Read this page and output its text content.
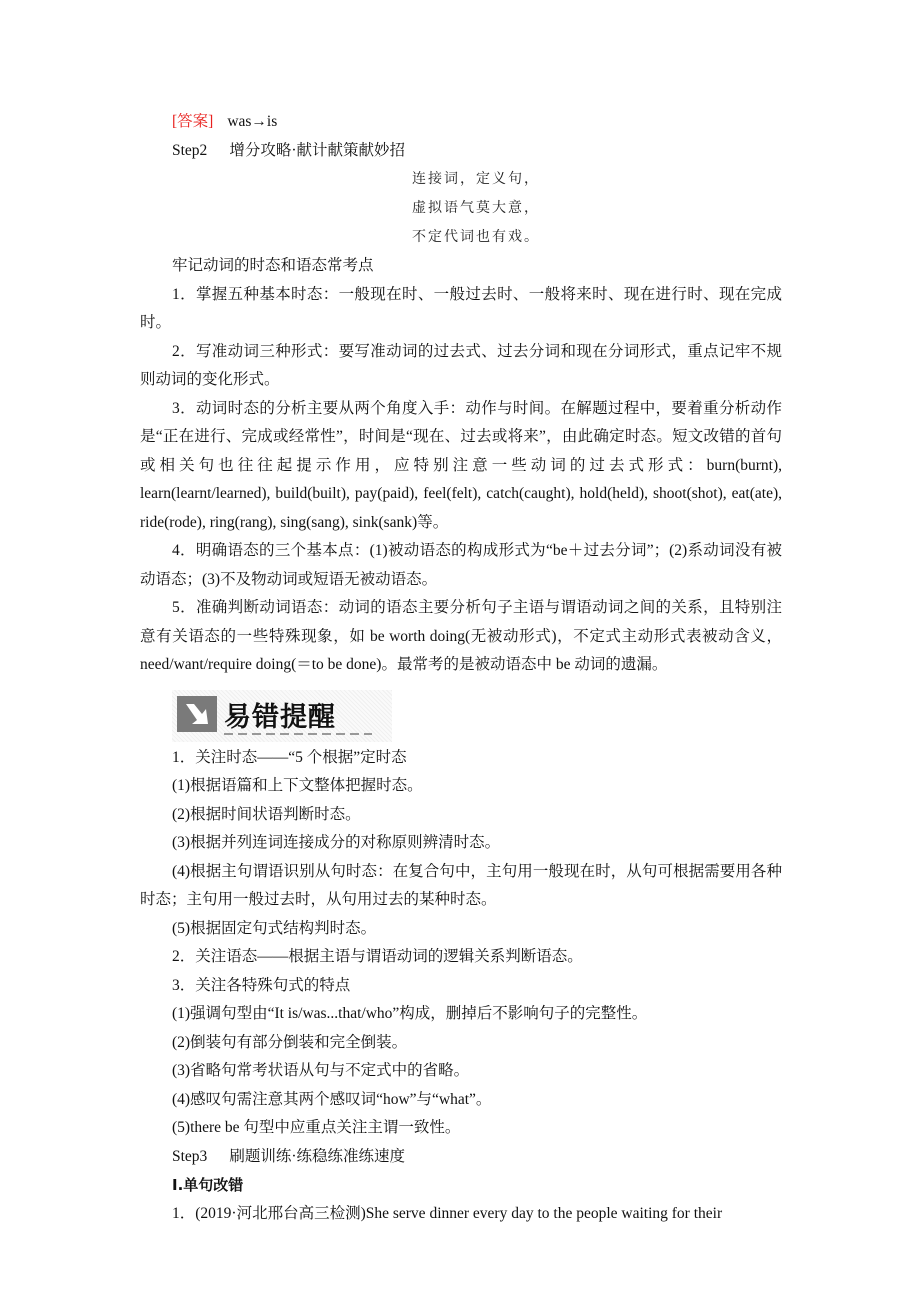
[答案] was→is
Step2 增分攻略·献计献策献妙招
连接词，定义句，
虚拟语气莫大意，
不定代词也有戏。
牢记动词的时态和语态常考点
1．掌握五种基本时态：一般现在时、一般过去时、一般将来时、现在进行时、现在完成时。
2．写准动词三种形式：要写准动词的过去式、过去分词和现在分词形式，重点记牢不规则动词的变化形式。
3．动词时态的分析主要从两个角度入手：动作与时间。在解题过程中，要着重分析动作是“正在进行、完成或经常性”，时间是“现在、过去或将来”，由此确定时态。短文改错的首句或相关句也往往起提示作用，应特别注意一些动词的过去式形式：burn(burnt), learn(learnt/learned), build(built), pay(paid), feel(felt), catch(caught), hold(held), shoot(shot), eat(ate), ride(rode), ring(rang), sing(sang), sink(sank)等。
4．明确语态的三个基本点：(1)被动语态的构成形式为“be＋过去分词”；(2)系动词没有被动语态；(3)不及物动词或短语无被动语态。
5．准确判断动词语态：动词的语态主要分析句子主语与谓语动词之间的关系，且特别注意有关语态的一些特殊现象，如 be worth doing(无被动形式)，不定式主动形式表被动含义，need/want/require doing(＝to be done)。最常考的是被动语态中 be 动词的遗漏。
易错提醒
1．关注时态——“5 个根据”定时态
(1)根据语篇和上下文整体把握时态。
(2)根据时间状语判断时态。
(3)根据并列连词连接成分的对称原则辨清时态。
(4)根据主句谓语识别从句时态：在复合句中，主句用一般现在时，从句可根据需要用各种时态；主句用一般过去时，从句用过去的某种时态。
(5)根据固定句式结构判时态。
2．关注语态——根据主语与谓语动词的逻辑关系判断语态。
3．关注各特殊句式的特点
(1)强调句型由“It is/was...that/who”构成，删掉后不影响句子的完整性。
(2)倒装句有部分倒装和完全倒装。
(3)省略句常考状语从句与不定式中的省略。
(4)感叹句需注意其两个感叹词“how”与“what”。
(5)there be 句型中应重点关注主谓一致性。
Step3 刷题训练·练稳练准练速度
Ⅰ.单句改错
1．(2019·河北邢台高三检测)She serve dinner every day to the people waiting for their
